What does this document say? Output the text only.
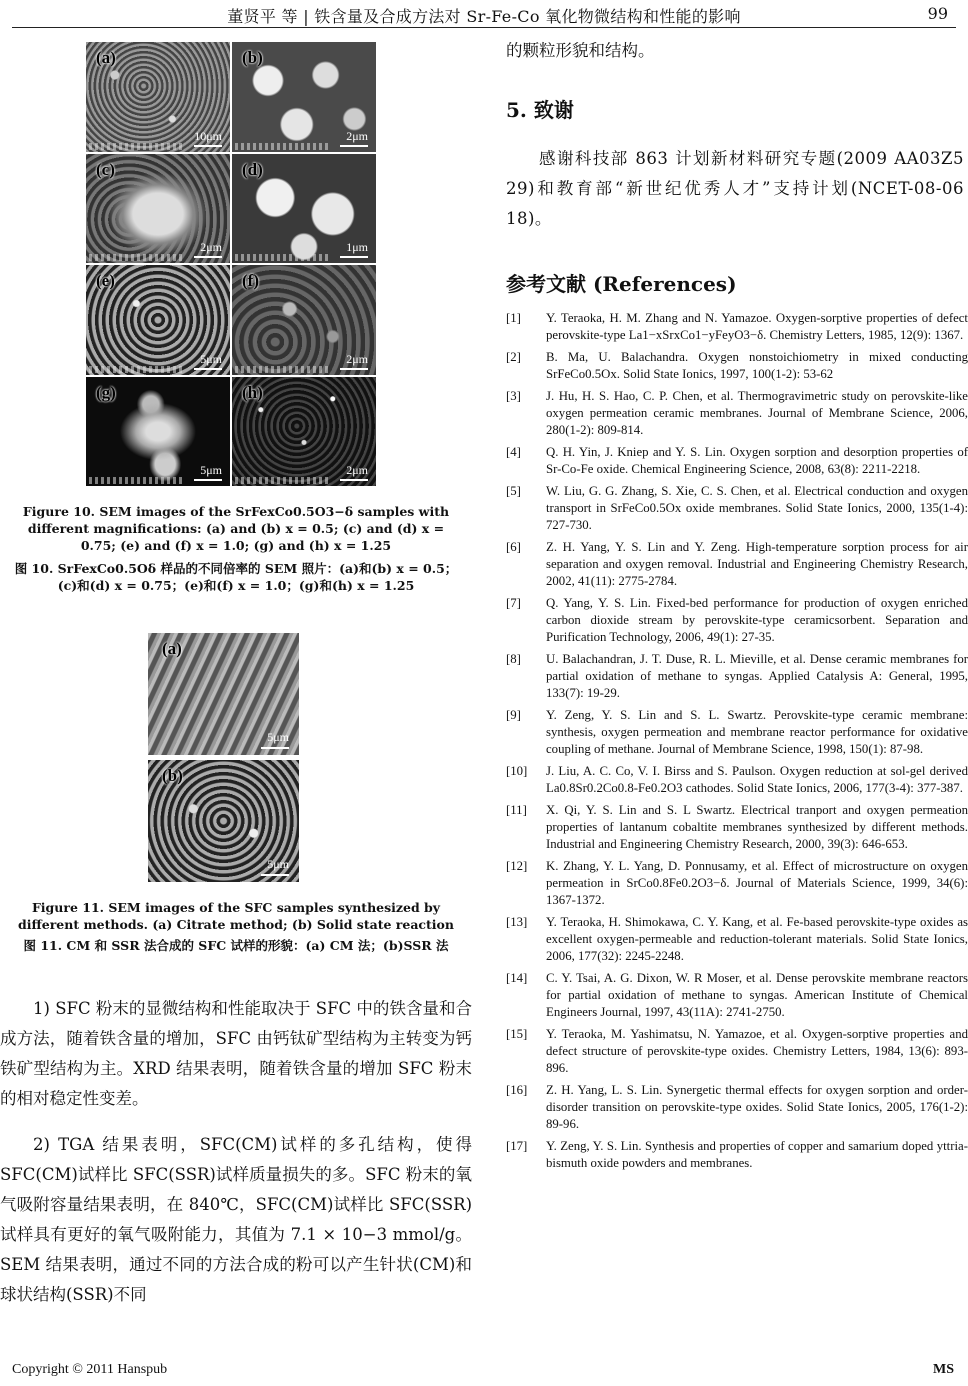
董贤平 等 | 铁含量及合成方法对 Sr-Fe-Co 氧化物微结构和性能的影响	99
(a)
10μm
(b)
2μm
(c)
2μm
(d)
1μm
(e)
5μm
(f)
2μm
(g)
5μm
(h)
2μm
Figure 10. SEM images of the SrFexCo0.5O3−δ samples with different magnifications: (a) and (b) x = 0.5; (c) and (d) x = 0.75; (e) and (f) x = 1.0; (g) and (h) x = 1.25
图 10. SrFexCo0.5Oδ 样品的不同倍率的 SEM 照片：(a)和(b) x = 0.5；(c)和(d) x = 0.75；(e)和(f) x = 1.0；(g)和(h) x = 1.25
(a)
5μm
(b)
5μm
Figure 11. SEM images of the SFC samples synthesized by different methods. (a) Citrate method; (b) Solid state reaction
图 11. CM 和 SSR 法合成的 SFC 试样的形貌：(a) CM 法；(b)SSR 法

1) SFC 粉末的显微结构和性能取决于 SFC 中的铁含量和合成方法，随着铁含量的增加，SFC 由钙钛矿型结构为主转变为钙铁矿型结构为主。XRD 结果表明，随着铁含量的增加 SFC 粉末的相对稳定性变差。

2) TGA 结果表明，SFC(CM)试样的多孔结构，使得 SFC(CM)试样比 SFC(SSR)试样质量损失的多。SFC 粉末的氧气吸附容量结果表明，在 840℃，SFC(CM)试样比 SFC(SSR)试样具有更好的氧气吸附能力，其值为 7.1 × 10−3 mmol/g。SEM 结果表明，通过不同的方法合成的粉可以产生针状(CM)和球状结构(SSR)不同

的颗粒形貌和结构。
5. 致谢
感谢科技部 863 计划新材料研究专题(2009 AA03Z5 29)和教育部“新世纪优秀人才”支持计划(NCET-08-06 18)。
参考文献 (References)
[1]	Y. Teraoka, H. M. Zhang and N. Yamazoe. Oxygen-sorptive properties of defect perovskite-type La1−xSrxCo1−yFeyO3−δ. Chemistry Letters, 1985, 12(9): 1367.
[2]	B. Ma, U. Balachandra. Oxygen nonstoichiometry in mixed conducting SrFeCo0.5Ox. Solid State Ionics, 1997, 100(1-2): 53-62
[3]	J. Hu, H. S. Hao, C. P. Chen, et al. Thermogravimetric study on perovskite-like oxygen permeation ceramic membranes. Journal of Membrane Science, 2006, 280(1-2): 809-814.
[4]	Q. H. Yin, J. Kniep and Y. S. Lin. Oxygen sorption and desorption properties of Sr-Co-Fe oxide. Chemical Engineering Science, 2008, 63(8): 2211-2218.
[5]	W. Liu, G. G. Zhang, S. Xie, C. S. Chen, et al. Electrical conduction and oxygen transport in SrFeCo0.5Ox oxide membranes. Solid State Ionics, 2000, 135(1-4): 727-730.
[6]	Z. H. Yang, Y. S. Lin and Y. Zeng. High-temperature sorption process for air separation and oxygen removal. Industrial and Engineering Chemistry Research, 2002, 41(11): 2775-2784.
[7]	Q. Yang, Y. S. Lin. Fixed-bed performance for production of oxygen enriched carbon dioxide stream by perovskite-type ceramicsorbent. Separation and Purification Technology, 2006, 49(1): 27-35.
[8]	U. Balachandran, J. T. Duse, R. L. Mieville, et al. Dense ceramic membranes for partial oxidation of methane to syngas. Applied Catalysis A: General, 1995, 133(7): 19-29.
[9]	Y. Zeng, Y. S. Lin and S. L. Swartz. Perovskite-type ceramic membrane: synthesis, oxygen permeation and membrane reactor performance for oxidative coupling of methane. Journal of Membrane Science, 1998, 150(1): 87-98.
[10]	J. Liu, A. C. Co, V. I. Birss and S. Paulson. Oxygen reduction at sol-gel derived La0.8Sr0.2Co0.8-Fe0.2O3 cathodes. Solid State Ionics, 2006, 177(3-4): 377-387.
[11]	X. Qi, Y. S. Lin and S. L Swartz. Electrical tranport and oxygen permeation properties of lantanum cobaltite membranes synthesized by different methods. Industrial and Engineering Chemistry Research, 2000, 39(3): 646-653.
[12]	K. Zhang, Y. L. Yang, D. Ponnusamy, et al. Effect of microstructure on oxygen permeation in SrCo0.8Fe0.2O3−δ. Journal of Materials Science, 1999, 34(6): 1367-1372.
[13]	Y. Teraoka, H. Shimokawa, C. Y. Kang, et al. Fe-based perovskite-type oxides as excellent oxygen-permeable and reduction-tolerant materials. Solid State Ionics, 2006, 177(32): 2245-2248.
[14]	C. Y. Tsai, A. G. Dixon, W. R Moser, et al. Dense perovskite membrane reactors for partial oxidation of methane to syngas. American Institute of Chemical Engineers Journal, 1997, 43(11A): 2741-2750.
[15]	Y. Teraoka, M. Yashimatsu, N. Yamazoe, et al. Oxygen-sorptive properties and defect structure of perovskite-type oxides. Chemistry Letters, 1984, 13(6): 893-896.
[16]	Z. H. Yang, L. S. Lin. Synergetic thermal effects for oxygen sorption and order-disorder transition on perovskite-type oxides. Solid State Ionics, 2005, 176(1-2): 89-96.
[17]	Y. Zeng, Y. S. Lin. Synthesis and properties of copper and samarium doped yttria-bismuth oxide powders and membranes.
Copyright © 2011 Hanspub	MS
